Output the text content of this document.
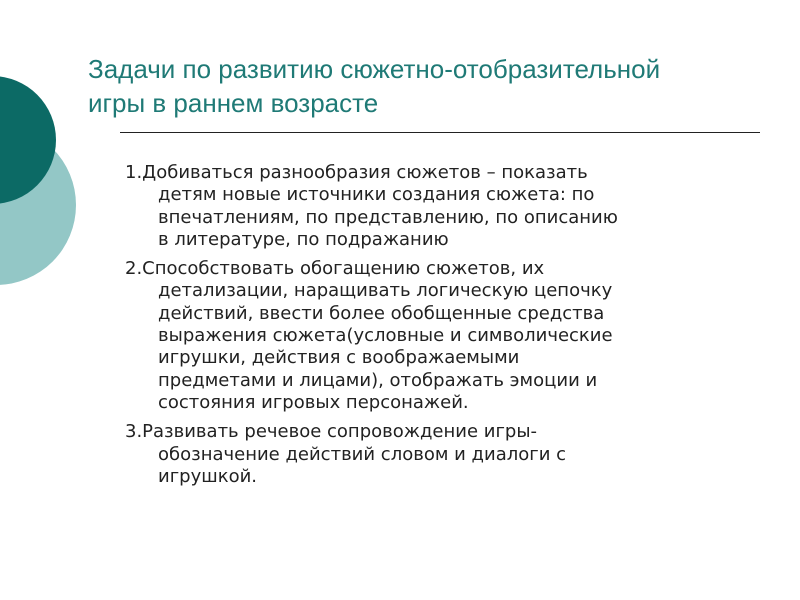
Задачи по развитию сюжетно-отобразительной
игры в раннем возрасте
1.Добиваться разнообразия сюжетов – показать
детям новые источники создания сюжета: по
впечатлениям, по представлению, по описанию
в литературе, по подражанию
2.Способствовать обогащению сюжетов, их
детализации, наращивать логическую цепочку
действий, ввести более обобщенные средства
выражения сюжета(условные и символические
игрушки, действия с воображаемыми
предметами и лицами), отображать эмоции и
состояния игровых персонажей.
3.Развивать речевое сопровождение игры-
обозначение действий словом и диалоги с
игрушкой.
